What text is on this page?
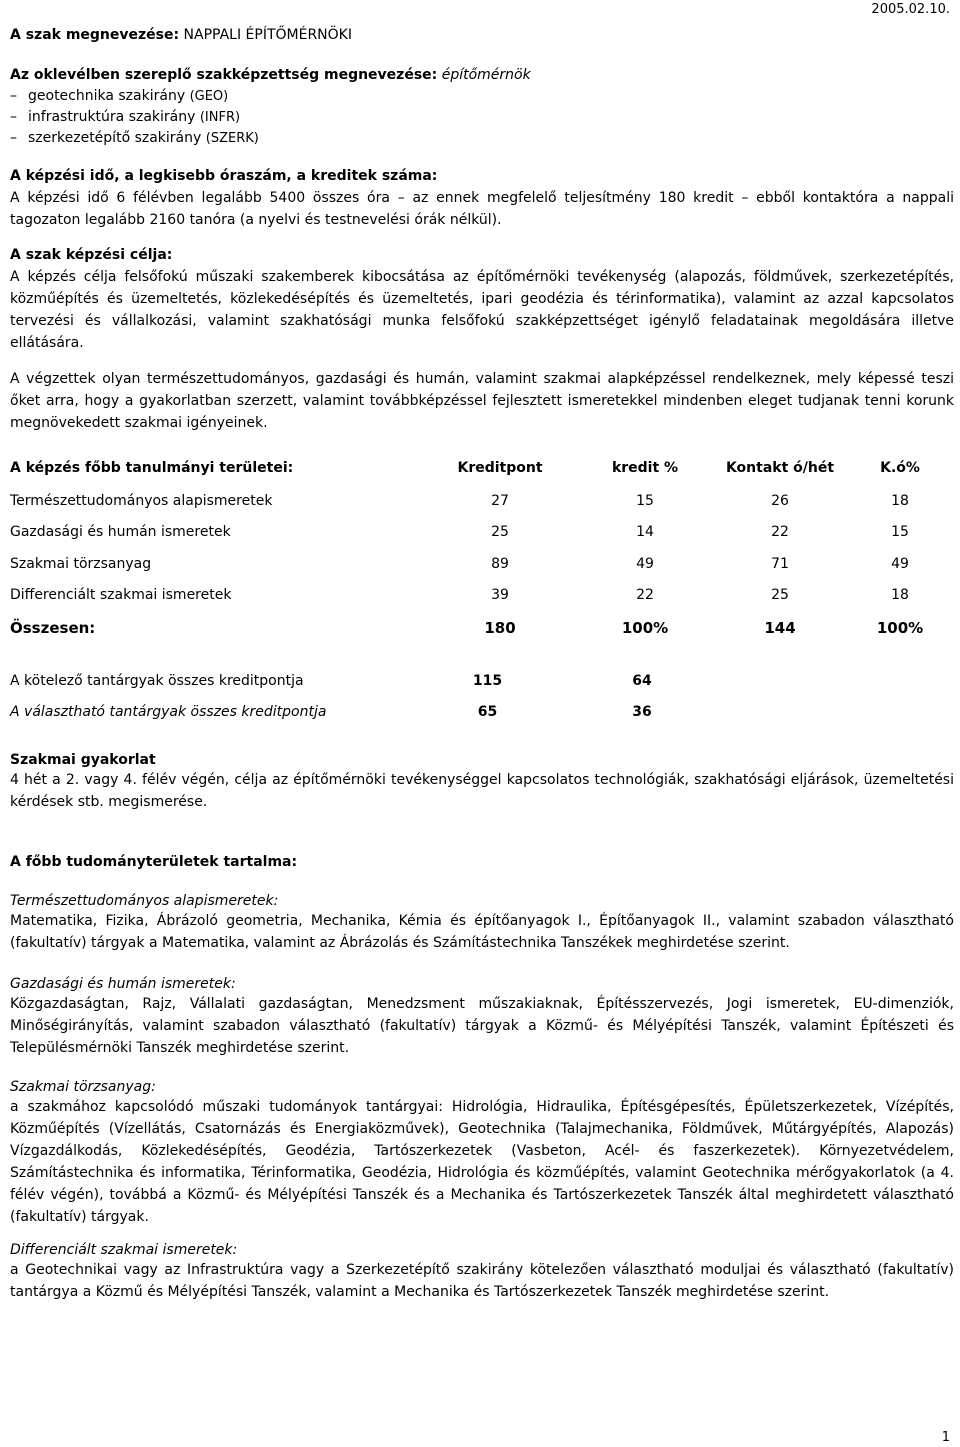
A szak megnevezése: NAPPALI ÉPÍTŐMÉRNÖKI
2005.02.10.
Az oklevélben szereplő szakképzettség megnevezése: építőmérnök
– geotechnika szakirány (GEO)
– infrastruktúra szakirány (INFR)
– szerkezetépítő szakirány (SZERK)
A képzési idő, a legkisebb óraszám, a kreditek száma:
A képzési idő 6 félévben legalább 5400 összes óra – az ennek megfelelő teljesítmény 180 kredit – ebből kontaktóra a nappali tagozaton legalább 2160 tanóra (a nyelvi és testnevelési órák nélkül).
A szak képzési célja:
A képzés célja felsőfokú műszaki szakemberek kibocsátása az építőmérnöki tevékenység (alapozás, földművek, szerkezetépítés, közműépítés és üzemeltetés, közlekedésépítés és üzemeltetés, ipari geodézia és térinformatika), valamint az azzal kapcsolatos tervezési és vállalkozási, valamint szakhatósági munka felsőfokú szakképzettséget igénylő feladatainak megoldására illetve ellátására.
A végzettek olyan természettudományos, gazdasági és humán, valamint szakmai alapképzéssel rendelkeznek, mely képessé teszi őket arra, hogy a gyakorlatban szerzett, valamint továbbképzéssel fejlesztett ismeretekkel mindenben eleget tudjanak tenni korunk megnövekedett szakmai igényeinek.
A képzés főbb tanulmányi területei:	Kreditpont	kredit %	Kontakt ó/hét	K.ó%
Természettudományos alapismeretek	27	15	26	18
Gazdasági és humán ismeretek	25	14	22	15
Szakmai törzsanyag	89	49	71	49
Differenciált szakmai ismeretek	39	22	25	18
Összesen:	180	100%	144	100%
A kötelező tantárgyak összes kreditpontja	115	64
A választható tantárgyak összes kreditpontja	65	36
Szakmai gyakorlat
4 hét a 2. vagy 4. félév végén, célja az építőmérnöki tevékenységgel kapcsolatos technológiák, szakhatósági eljárások, üzemeltetési kérdések stb. megismerése.
A főbb tudományterületek tartalma:
Természettudományos alapismeretek:
Matematika, Fizika, Ábrázoló geometria, Mechanika, Kémia és építőanyagok I., Építőanyagok II., valamint szabadon választható (fakultatív) tárgyak a Matematika, valamint az Ábrázolás és Számítástechnika Tanszékek meghirdetése szerint.
Gazdasági és humán ismeretek:
Közgazdaságtan, Rajz, Vállalati gazdaságtan, Menedzsment műszakiaknak, Építésszervezés, Jogi ismeretek, EU-dimenziók, Minőségirányítás, valamint szabadon választható (fakultatív) tárgyak a Közmű- és Mélyépítési Tanszék, valamint Építészeti és Településmérnöki Tanszék meghirdetése szerint.
Szakmai törzsanyag:
a szakmához kapcsolódó műszaki tudományok tantárgyai: Hidrológia, Hidraulika, Építésgépesítés, Épületszerkezetek, Vízépítés, Közműépítés (Vízellátás, Csatornázás és Energiaközművek), Geotechnika (Talajmechanika, Földművek, Műtárgyépítés, Alapozás) Vízgazdálkodás, Közlekedésépítés, Geodézia, Tartószerkezetek (Vasbeton, Acél- és faszerkezetek). Környezetvédelem, Számítástechnika és informatika, Térinformatika, Geodézia, Hidrológia és közműépítés, valamint Geotechnika mérőgyakorlatok (a 4. félév végén), továbbá a Közmű- és Mélyépítési Tanszék és a Mechanika és Tartószerkezetek Tanszék által meghirdetett választható (fakultatív) tárgyak.
Differenciált szakmai ismeretek:
a Geotechnikai vagy az Infrastruktúra vagy a Szerkezetépítő szakirány kötelezően választható moduljai és választható (fakultatív) tantárgya a Közmű és Mélyépítési Tanszék, valamint a Mechanika és Tartószerkezetek Tanszék meghirdetése szerint.
1
